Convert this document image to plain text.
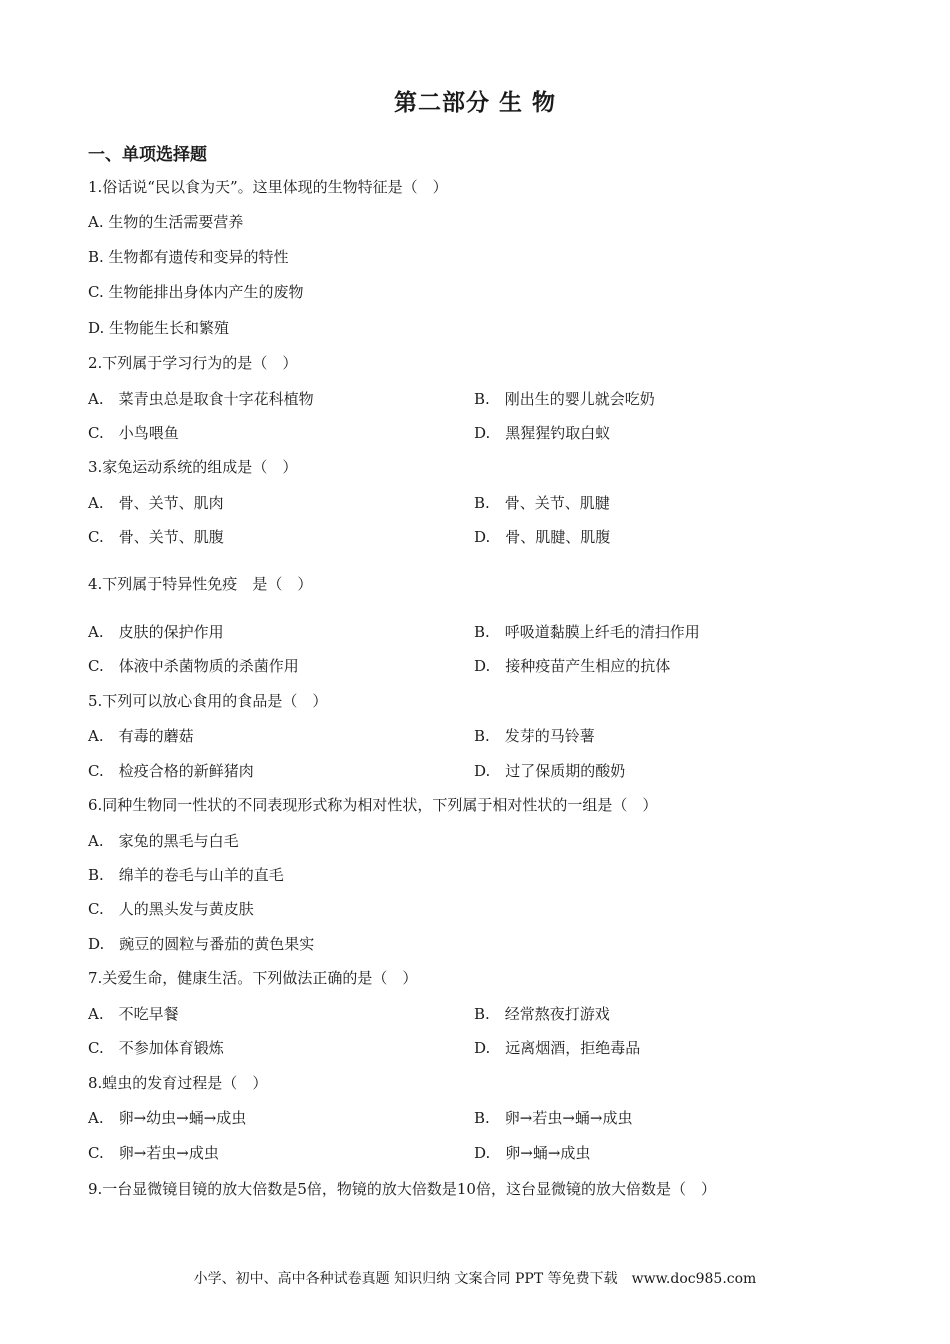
第二部分 生 物
一、单项选择题
1.俗话说“民以食为天”。这里体现的生物特征是（　）
A. 生物的生活需要营养
B. 生物都有遗传和变异的特性
C. 生物能排出身体内产生的废物
D. 生物能生长和繁殖
2.下列属于学习行为的是（　）
A.　菜青虫总是取食十字花科植物	B.　刚出生的婴儿就会吃奶
C.　小鸟喂鱼	D.　黑猩猩钓取白蚁
3.家兔运动系统的组成是（　）
A.　骨、关节、肌肉	B.　骨、关节、肌腱
C.　骨、关节、肌腹	D.　骨、肌腱、肌腹
4.下列属于特异性免疫　是（　）
A.　皮肤的保护作用	B.　呼吸道黏膜上纤毛的清扫作用
C.　体液中杀菌物质的杀菌作用	D.　接种疫苗产生相应的抗体
5.下列可以放心食用的食品是（　）
A.　有毒的蘑菇	B.　发芽的马铃薯
C.　检疫合格的新鲜猪肉	D.　过了保质期的酸奶
6.同种生物同一性状的不同表现形式称为相对性状，下列属于相对性状的一组是（　）
A.　家兔的黑毛与白毛
B.　绵羊的卷毛与山羊的直毛
C.　人的黑头发与黄皮肤
D.　豌豆的圆粒与番茄的黄色果实
7.关爱生命，健康生活。下列做法正确的是（　）
A.　不吃早餐	B.　经常熬夜打游戏
C.　不参加体育锻炼	D.　远离烟酒，拒绝毒品
8.蝗虫的发育过程是（　）
A.　卵→幼虫→蛹→成虫	B.　卵→若虫→蛹→成虫
C.　卵→若虫→成虫	D.　卵→蛹→成虫
9.一台显微镜目镜的放大倍数是5倍，物镜的放大倍数是10倍，这台显微镜的放大倍数是（　）
小学、初中、高中各种试卷真题 知识归纳 文案合同 PPT 等免费下载　www.doc985.com
